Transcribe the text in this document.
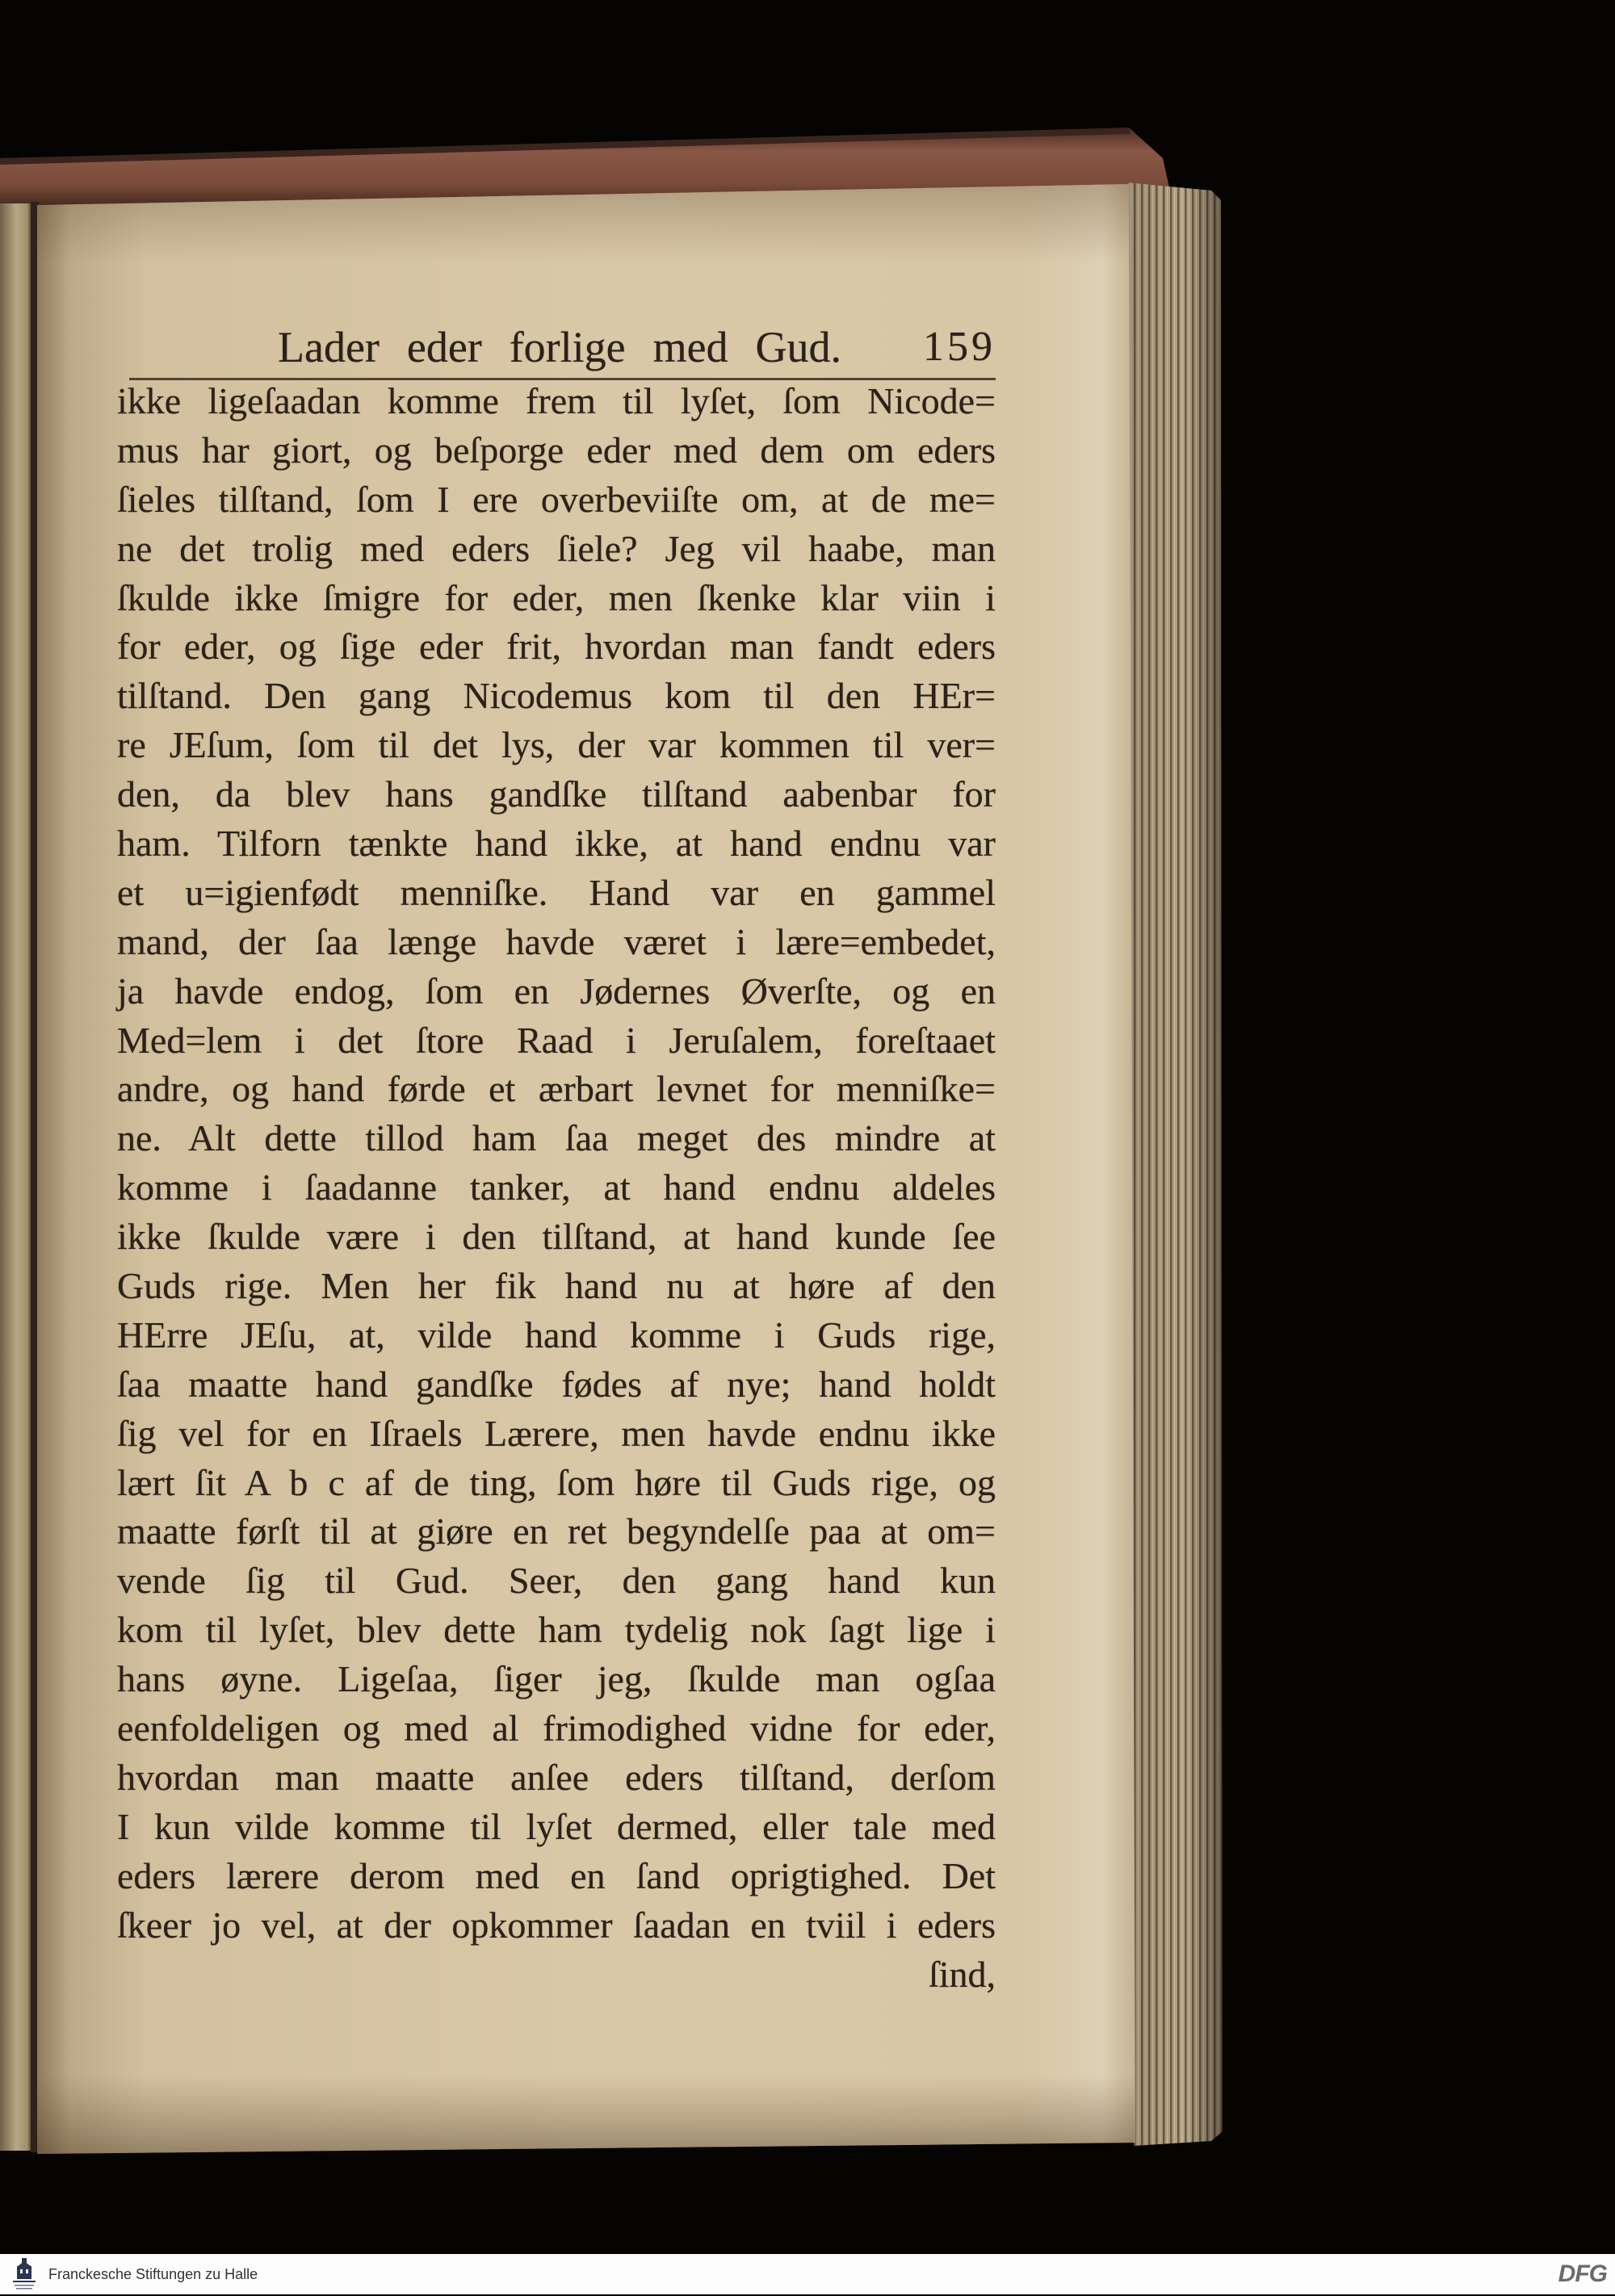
Lader eder forlige med Gud. 159
ikke ligeſaadan komme frem til lyſet, ſom Nicode=
mus har giort, og beſporge eder med dem om eders
ſieles tilſtand, ſom I ere overbeviiſte om, at de me=
ne det trolig med eders ſiele? Jeg vil haabe, man
ſkulde ikke ſmigre for eder, men ſkenke klar viin i
for eder, og ſige eder frit, hvordan man fandt eders
tilſtand. Den gang Nicodemus kom til den HEr=
re JEſum, ſom til det lys, der var kommen til ver=
den, da blev hans gandſke tilſtand aabenbar for
ham. Tilforn tænkte hand ikke, at hand endnu var
et u=igienfødt menniſke. Hand var en gammel
mand, der ſaa længe havde været i lære=embedet,
ja havde endog, ſom en Jødernes Øverſte, og en
Med=lem i det ſtore Raad i Jeruſalem, foreſtaaet
andre, og hand førde et ærbart levnet for menniſke=
ne. Alt dette tillod ham ſaa meget des mindre at
komme i ſaadanne tanker, at hand endnu aldeles
ikke ſkulde være i den tilſtand, at hand kunde ſee
Guds rige. Men her fik hand nu at høre af den
HErre JEſu, at, vilde hand komme i Guds rige,
ſaa maatte hand gandſke fødes af nye; hand holdt
ſig vel for en Iſraels Lærere, men havde endnu ikke
lært ſit A b c af de ting, ſom høre til Guds rige, og
maatte førſt til at giøre en ret begyndelſe paa at om=
vende ſig til Gud. Seer, den gang hand kun
kom til lyſet, blev dette ham tydelig nok ſagt lige i
hans øyne. Ligeſaa, ſiger jeg, ſkulde man ogſaa
eenfoldeligen og med al frimodighed vidne for eder,
hvordan man maatte anſee eders tilſtand, derſom
I kun vilde komme til lyſet dermed, eller tale med
eders lærere derom med en ſand oprigtighed. Det
ſkeer jo vel, at der opkommer ſaadan en tviil i eders
ſind,
Franckesche Stiftungen zu Halle	DFG
